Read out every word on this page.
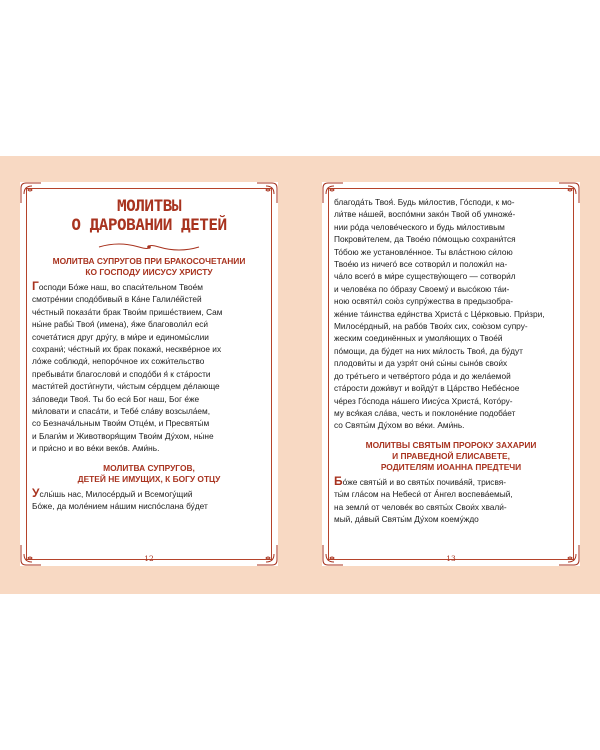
МОЛИТВЫ
О ДАРОВАНИИ ДЕТЕЙ
МОЛИТВА СУПРУГОВ ПРИ БРАКОСОЧЕТАНИИ
КО ГОСПОДУ ИИСУСУ ХРИСТУ
Господи Бо́же наш, во спаси́тельном Твое́м
смотре́нии сподо́бивый в Ка́не Галиле́йстей
че́стный показа́ти брак Твои́м прише́ствием, Сам
ны́не рабы́ Твоя́ (имена), я́же благоволи́л еси́
сочета́тися друг дру́гу, в ми́ре и единомы́слии
сохрани́; че́стный их брак покажи́, нескве́рное их
ло́же соблюди́, непоро́чное их сожи́тельство
пребыва́ти благослови́ и сподо́би я́ к ста́рости
масти́тей дости́гнути, чи́стым се́рдцем де́лающе
за́поведи Твоя́. Ты бо еси́ Бог наш, Бог е́же
ми́ловати и спаса́ти, и Тебе́ сла́ву возсыла́ем,
со Безнача́льным Твои́м Отце́м, и Пресвяты́м
и Благи́м и Животворя́щим Твои́м Ду́хом, ны́не
и при́сно и во ве́ки веко́в. Ами́нь.
МОЛИТВА СУПРУГОВ,
ДЕТЕЙ НЕ ИМУЩИХ, К БОГУ ОТЦУ
Услы́шь нас, Милосе́рдый и Всемогу́щий
Бо́же, да моле́нием на́шим ниспо́слана бу́дет
12
благода́ть Твоя́. Будь ми́лостив, Го́споди, к мо-
ли́тве на́шей, воспо́мни зако́н Твой об умноже́-
нии ро́да челове́ческого и будь ми́лостивым
Покрови́телем, да Твое́ю по́мощью сохрани́тся
То́бою же установле́нное. Ты вла́стною си́лою
Твое́ю из ничего́ все сотвори́л и положи́л на-
ча́ло всего́ в ми́ре существу́ющего — сотвори́л
и челове́ка по о́бразу Своему́ и высо́кою та́и-
ною освяти́л сою́з супру́жества в предызобра-
же́ние та́инства еди́нства Христа́ с Це́рковью. При́зри,
Милосе́рдный, на рабо́в Твои́х сих, сою́зом супру-
жеским соединённых и умоля́ющих о Твое́й
по́мощи, да бу́дет на них ми́лость Твоя́, да бу́дут
плодови́ты и да узря́т они́ сы́ны сыно́в свои́х
до тре́тьего и четве́ртого ро́да и до жела́емой
ста́рости дожи́вут и войду́т в Ца́рство Небе́сное
че́рез Го́спода на́шего Иису́са Христа́, Кото́ру-
му вся́кая сла́ва, честь и поклоне́ние подоба́ет
со Святы́м Ду́хом во ве́ки. Ами́нь.
МОЛИТВЫ СВЯТЫМ ПРОРОКУ ЗАХАРИИ
И ПРАВЕДНОЙ ЕЛИСАВЕТЕ,
РОДИТЕЛЯМ ИОАННА ПРЕДТЕЧИ
Бо́же святы́й и во святы́х почива́яй, трисвя-
ты́м гла́сом на Небеси́ от А́нгел воспева́емый,
на земли́ от челове́к во святы́х Свои́х хвали́-
мый, да́вый Святы́м Ду́хом коему́ждо
13
